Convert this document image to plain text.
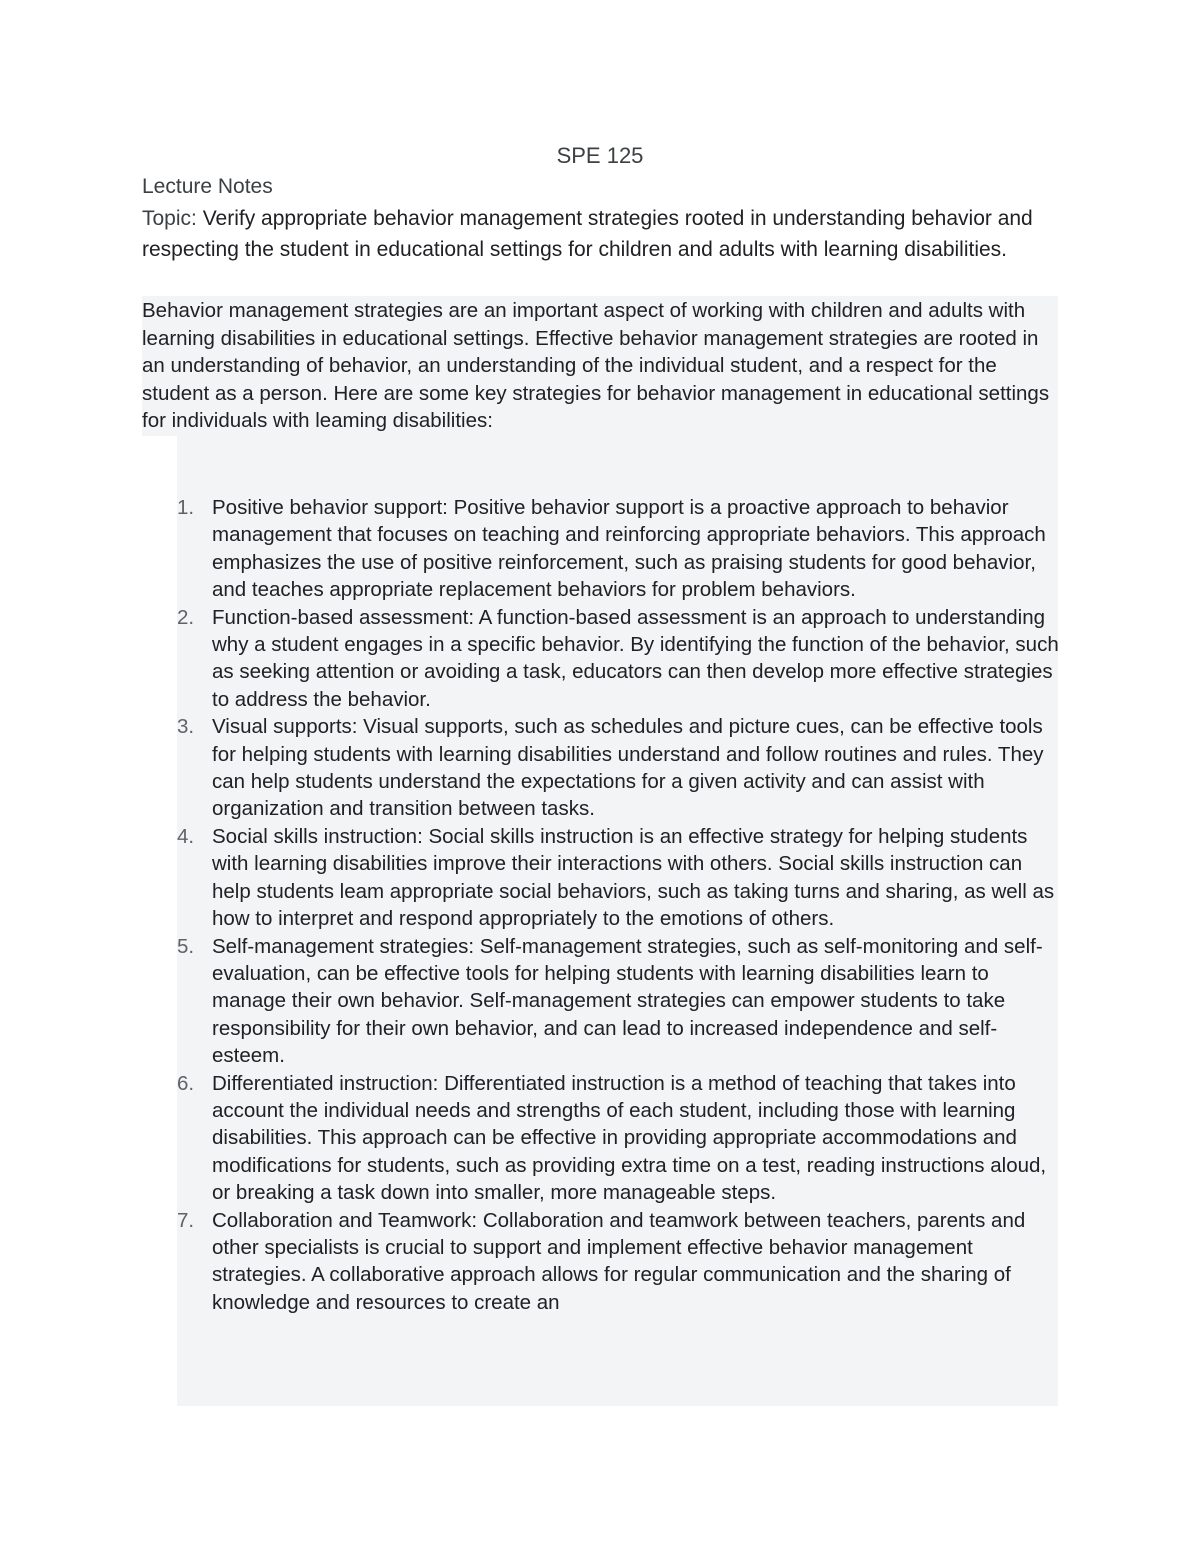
SPE 125
Lecture Notes
Topic: Verify appropriate behavior management strategies rooted in understanding behavior and respecting the student in educational settings for children and adults with learning disabilities.
Behavior management strategies are an important aspect of working with children and adults with learning disabilities in educational settings. Effective behavior management strategies are rooted in an understanding of behavior, an understanding of the individual student, and a respect for the student as a person. Here are some key strategies for behavior management in educational settings for individuals with leaming disabilities:
1. Positive behavior support: Positive behavior support is a proactive approach to behavior management that focuses on teaching and reinforcing appropriate behaviors. This approach emphasizes the use of positive reinforcement, such as praising students for good behavior, and teaches appropriate replacement behaviors for problem behaviors.
2. Function-based assessment: A function-based assessment is an approach to understanding why a student engages in a specific behavior. By identifying the function of the behavior, such as seeking attention or avoiding a task, educators can then develop more effective strategies to address the behavior.
3. Visual supports: Visual supports, such as schedules and picture cues, can be effective tools for helping students with learning disabilities understand and follow routines and rules. They can help students understand the expectations for a given activity and can assist with organization and transition between tasks.
4. Social skills instruction: Social skills instruction is an effective strategy for helping students with learning disabilities improve their interactions with others. Social skills instruction can help students leam appropriate social behaviors, such as taking turns and sharing, as well as how to interpret and respond appropriately to the emotions of others.
5. Self-management strategies: Self-management strategies, such as self-monitoring and self-evaluation, can be effective tools for helping students with learning disabilities learn to manage their own behavior. Self-management strategies can empower students to take responsibility for their own behavior, and can lead to increased independence and self-esteem.
6. Differentiated instruction: Differentiated instruction is a method of teaching that takes into account the individual needs and strengths of each student, including those with learning disabilities. This approach can be effective in providing appropriate accommodations and modifications for students, such as providing extra time on a test, reading instructions aloud, or breaking a task down into smaller, more manageable steps.
7. Collaboration and Teamwork: Collaboration and teamwork between teachers, parents and other specialists is crucial to support and implement effective behavior management strategies. A collaborative approach allows for regular communication and the sharing of knowledge and resources to create an
